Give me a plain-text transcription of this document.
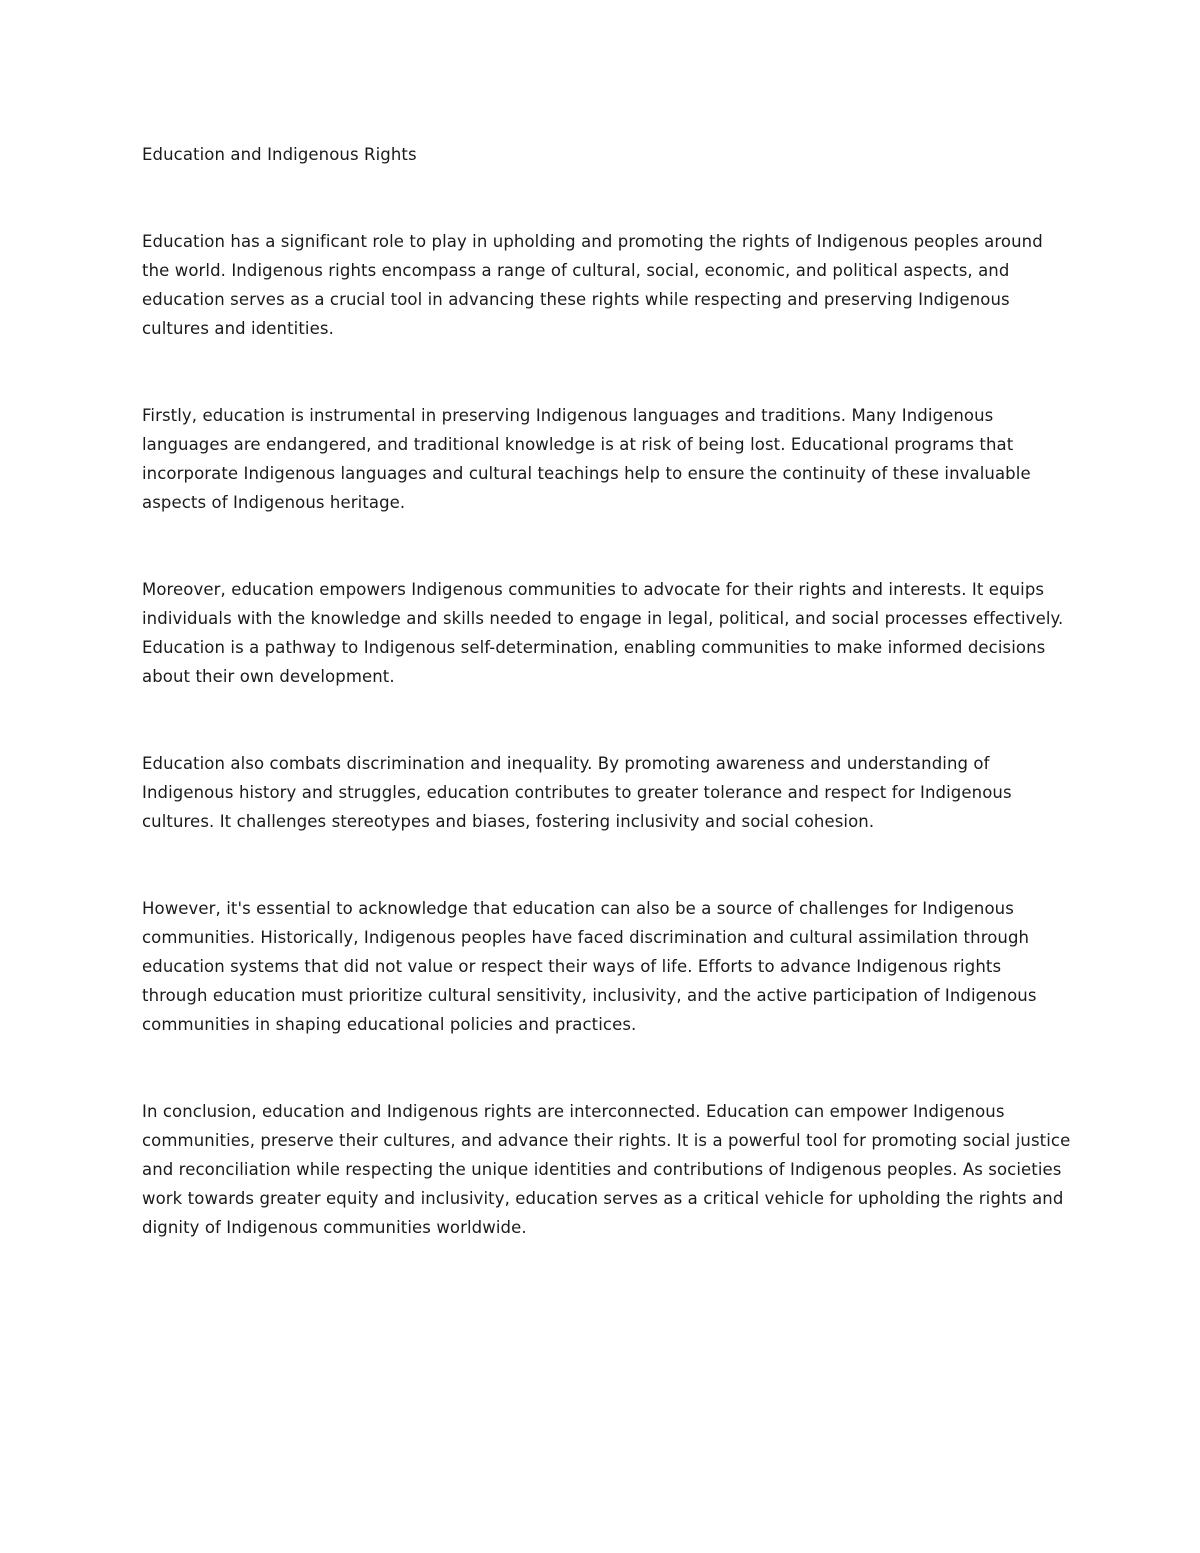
Education and Indigenous Rights

Education has a significant role to play in upholding and promoting the rights of Indigenous peoples around the world. Indigenous rights encompass a range of cultural, social, economic, and political aspects, and education serves as a crucial tool in advancing these rights while respecting and preserving Indigenous cultures and identities.

Firstly, education is instrumental in preserving Indigenous languages and traditions. Many Indigenous languages are endangered, and traditional knowledge is at risk of being lost. Educational programs that incorporate Indigenous languages and cultural teachings help to ensure the continuity of these invaluable aspects of Indigenous heritage.

Moreover, education empowers Indigenous communities to advocate for their rights and interests. It equips individuals with the knowledge and skills needed to engage in legal, political, and social processes effectively. Education is a pathway to Indigenous self-determination, enabling communities to make informed decisions about their own development.

Education also combats discrimination and inequality. By promoting awareness and understanding of Indigenous history and struggles, education contributes to greater tolerance and respect for Indigenous cultures. It challenges stereotypes and biases, fostering inclusivity and social cohesion.

However, it's essential to acknowledge that education can also be a source of challenges for Indigenous communities. Historically, Indigenous peoples have faced discrimination and cultural assimilation through education systems that did not value or respect their ways of life. Efforts to advance Indigenous rights through education must prioritize cultural sensitivity, inclusivity, and the active participation of Indigenous communities in shaping educational policies and practices.

In conclusion, education and Indigenous rights are interconnected. Education can empower Indigenous communities, preserve their cultures, and advance their rights. It is a powerful tool for promoting social justice and reconciliation while respecting the unique identities and contributions of Indigenous peoples. As societies work towards greater equity and inclusivity, education serves as a critical vehicle for upholding the rights and dignity of Indigenous communities worldwide.
